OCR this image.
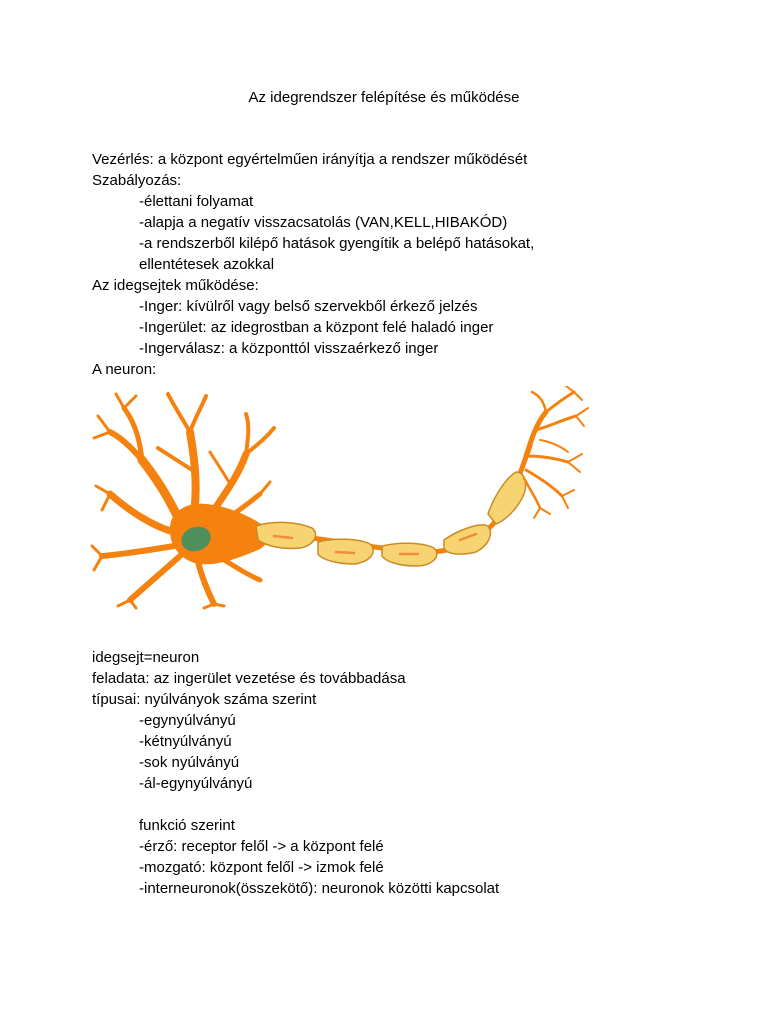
Az idegrendszer felépítése és működése
Vezérlés: a központ egyértelműen irányítja a rendszer működését
Szabályozás:
-élettani folyamat
-alapja a negatív visszacsatolás (VAN,KELL,HIBAKÓD)
-a rendszerből kilépő hatások gyengítik a belépő hatásokat,
ellentétesek azokkal
Az idegsejtek működése:
-Inger: kívülről vagy belső szervekből érkező jelzés
-Ingerület: az idegrostban a központ felé haladó inger
-Ingerválasz: a központtól visszaérkező inger
A neuron:
idegsejt=neuron
feladata: az ingerület vezetése és továbbadása
típusai: nyúlványok száma szerint
-egynyúlványú
-kétnyúlványú
-sok nyúlványú
-ál-egynyúlványú
funkció szerint
-érző: receptor felől -> a központ felé
-mozgató: központ felől -> izmok felé
-interneuronok(összekötő): neuronok közötti kapcsolat
